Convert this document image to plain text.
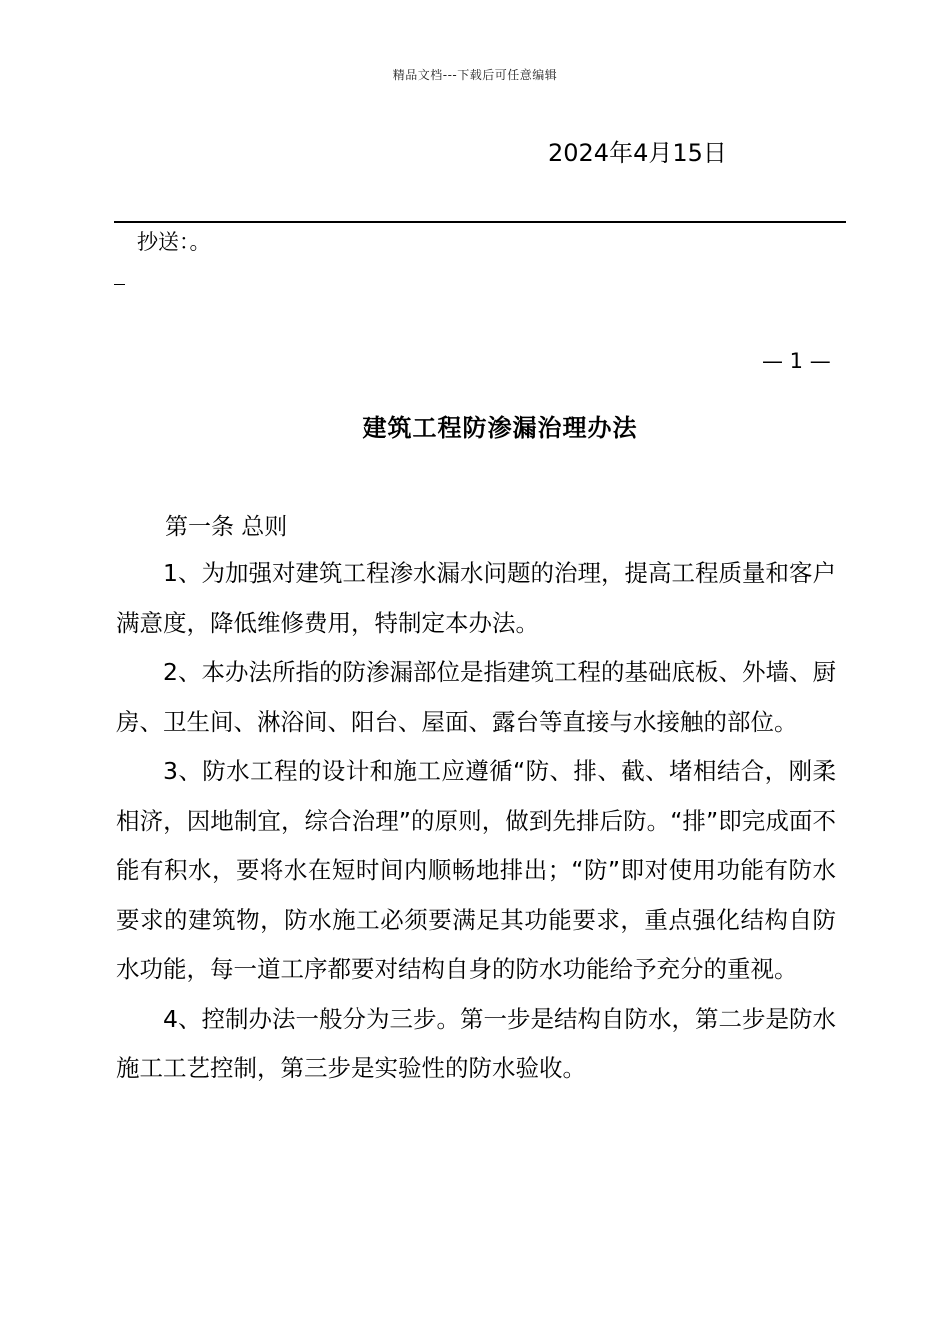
精品文档---下载后可任意编辑
2024年4月15日
抄送：。
— 1 —
建筑工程防渗漏治理办法
第一条 总则

1、为加强对建筑工程渗水漏水问题的治理，提高工程质量和客户满意度，降低维修费用，特制定本办法。

2、本办法所指的防渗漏部位是指建筑工程的基础底板、外墙、厨房、卫生间、淋浴间、阳台、屋面、露台等直接与水接触的部位。

3、防水工程的设计和施工应遵循“防、排、截、堵相结合，刚柔相济，因地制宜，综合治理”的原则，做到先排后防。“排”即完成面不能有积水，要将水在短时间内顺畅地排出；“防”即对使用功能有防水要求的建筑物，防水施工必须要满足其功能要求，重点强化结构自防水功能，每一道工序都要对结构自身的防水功能给予充分的重视。

4、控制办法一般分为三步。第一步是结构自防水，第二步是防水施工工艺控制，第三步是实验性的防水验收。
